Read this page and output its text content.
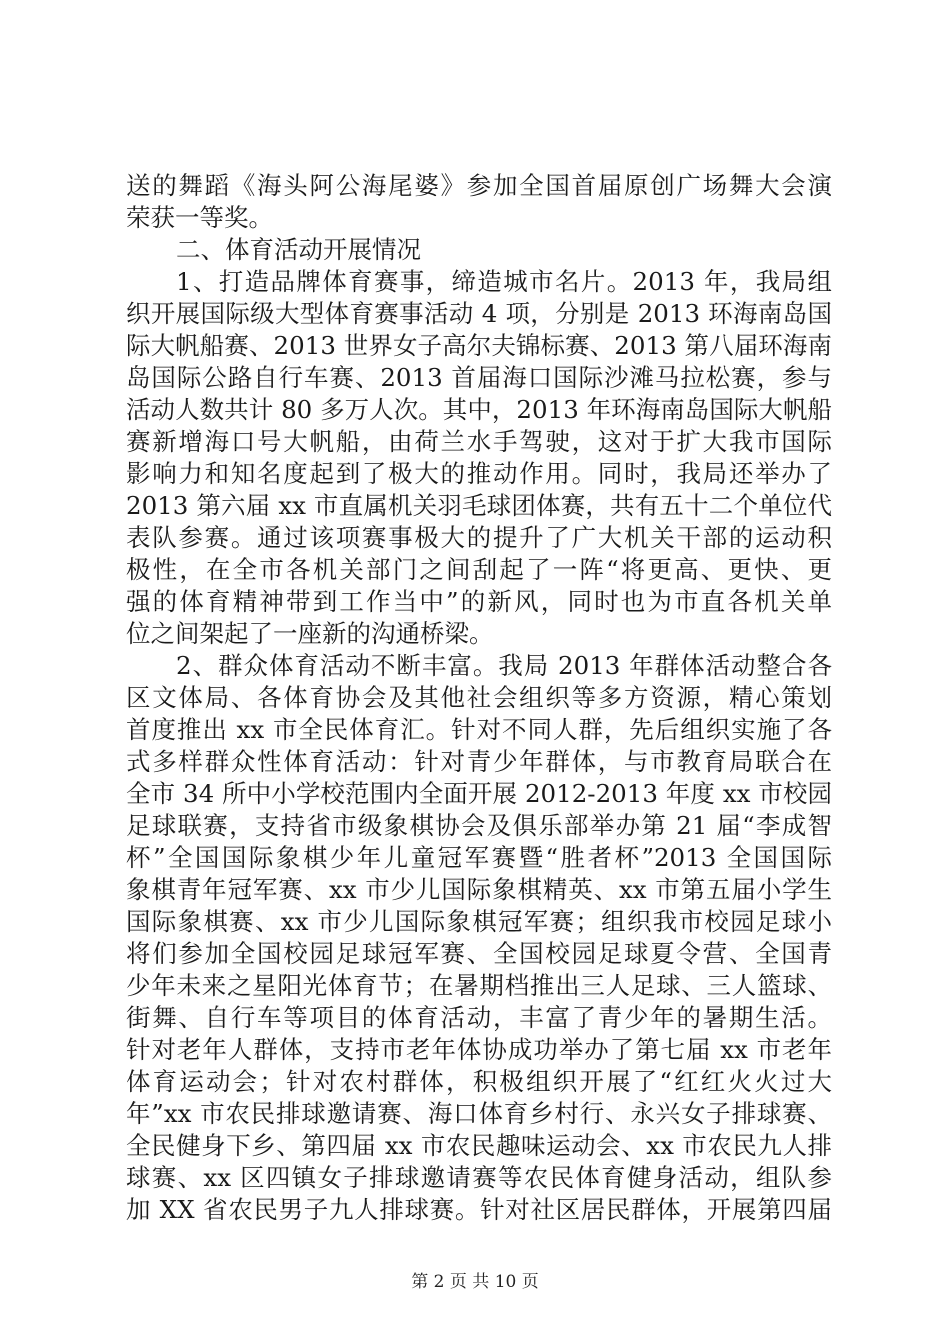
送的舞蹈《海头阿公海尾婆》参加全国首届原创广场舞大会演
荣获一等奖。
二、体育活动开展情况
1、打造品牌体育赛事，缔造城市名片。2013 年，我局组
织开展国际级大型体育赛事活动 4 项，分别是 2013 环海南岛国
际大帆船赛、2013 世界女子高尔夫锦标赛、2013 第八届环海南
岛国际公路自行车赛、2013 首届海口国际沙滩马拉松赛，参与
活动人数共计 80 多万人次。其中，2013 年环海南岛国际大帆船
赛新增海口号大帆船，由荷兰水手驾驶，这对于扩大我市国际
影响力和知名度起到了极大的推动作用。同时，我局还举办了
2013 第六届 xx 市直属机关羽毛球团体赛，共有五十二个单位代
表队参赛。通过该项赛事极大的提升了广大机关干部的运动积
极性，在全市各机关部门之间刮起了一阵“将更高、更快、更
强的体育精神带到工作当中”的新风，同时也为市直各机关单
位之间架起了一座新的沟通桥梁。
2、群众体育活动不断丰富。我局 2013 年群体活动整合各
区文体局、各体育协会及其他社会组织等多方资源，精心策划
首度推出 xx 市全民体育汇。针对不同人群，先后组织实施了各
式多样群众性体育活动：针对青少年群体，与市教育局联合在
全市 34 所中小学校范围内全面开展 2012-2013 年度 xx 市校园
足球联赛，支持省市级象棋协会及俱乐部举办第 21 届“李成智
杯”全国国际象棋少年儿童冠军赛暨“胜者杯”2013 全国国际
象棋青年冠军赛、xx 市少儿国际象棋精英、xx 市第五届小学生
国际象棋赛、xx 市少儿国际象棋冠军赛；组织我市校园足球小
将们参加全国校园足球冠军赛、全国校园足球夏令营、全国青
少年未来之星阳光体育节；在暑期档推出三人足球、三人篮球、
街舞、自行车等项目的体育活动，丰富了青少年的暑期生活。
针对老年人群体，支持市老年体协成功举办了第七届 xx 市老年
体育运动会；针对农村群体，积极组织开展了“红红火火过大
年”xx 市农民排球邀请赛、海口体育乡村行、永兴女子排球赛、
全民健身下乡、第四届 xx 市农民趣味运动会、xx 市农民九人排
球赛、xx 区四镇女子排球邀请赛等农民体育健身活动，组队参
加 XX 省农民男子九人排球赛。针对社区居民群体，开展第四届
第 2 页 共 10 页
